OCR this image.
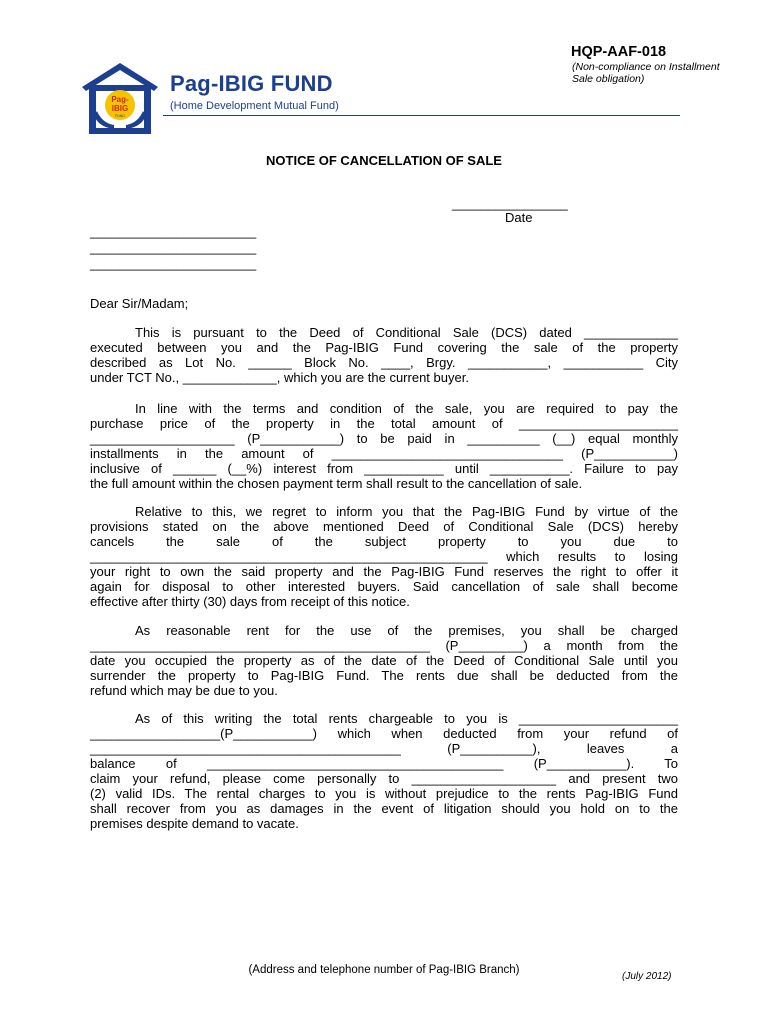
HQP-AAF-018
(Non-compliance on Installment
Sale obligation)
Pag-
IBIG
FUND
Pag-IBIG FUND
(Home Development Mutual Fund)
NOTICE OF CANCELLATION OF SALE
________________
Date
_______________________
_______________________
_______________________
Dear Sir/Madam;
This is pursuant to the Deed of Conditional Sale (DCS) dated _____________
executed between you and the Pag-IBIG Fund covering the sale of the property
described as Lot No. ______ Block No. ____, Brgy. ___________, ___________ City
under TCT No., _____________, which you are the current buyer.
In line with the terms and condition of the sale, you are required to pay the
purchase price of the property in the total amount of ______________________
____________________ (P___________) to be paid in __________ (__) equal monthly
installments in the amount of ________________________________ (P___________)
inclusive of ______ (__%) interest from ___________ until ___________. Failure to pay
the full amount within the chosen payment term shall result to the cancellation of sale.
Relative to this, we regret to inform you that the Pag-IBIG Fund by virtue of the
provisions stated on the above mentioned Deed of Conditional Sale (DCS) hereby
cancels the sale of the subject property to you due to
_______________________________________________________ which results to losing
your right to own the said property and the Pag-IBIG Fund reserves the right to offer it
again for disposal to other interested buyers. Said cancellation of sale shall become
effective after thirty (30) days from receipt of this notice.
As reasonable rent for the use of the premises, you shall be charged
_______________________________________________ (P_________) a month from the
date you occupied the property as of the date of the Deed of Conditional Sale until you
surrender the property to Pag-IBIG Fund. The rents due shall be deducted from the
refund which may be due to you.
As of this writing the total rents chargeable to you is ______________________
__________________(P___________) which when deducted from your refund of
___________________________________________ (P__________), leaves a
balance of _________________________________________ (P___________). To
claim your refund, please come personally to ____________________ and present two
(2) valid IDs. The rental charges to you is without prejudice to the rents Pag-IBIG Fund
shall recover from you as damages in the event of litigation should you hold on to the
premises despite demand to vacate.
(Address and telephone number of Pag-IBIG Branch)
(July 2012)
